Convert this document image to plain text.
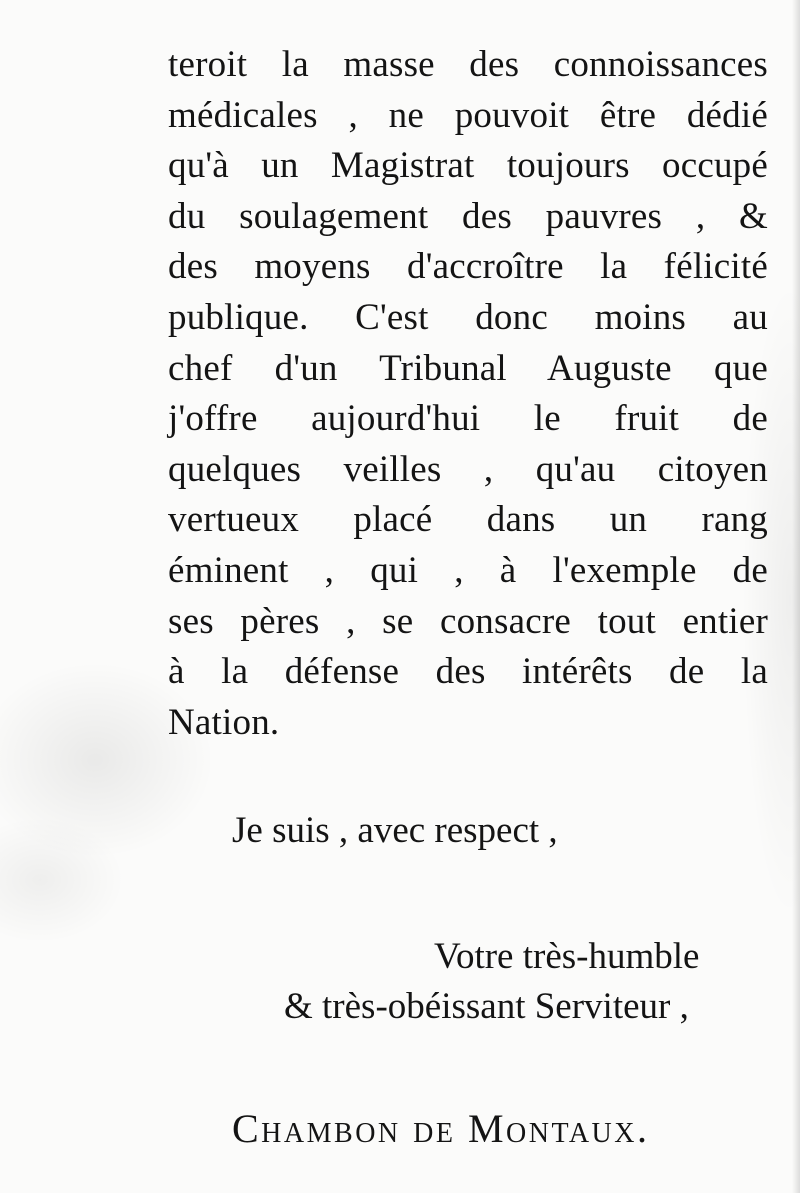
teroit la masse des connoissances
médicales , ne pouvoit être dédié
qu'à un Magistrat toujours occupé
du soulagement des pauvres , &
des moyens d'accroître la félicité
publique. C'est donc moins au
chef d'un Tribunal Auguste que
j'offre aujourd'hui le fruit de
quelques veilles , qu'au citoyen
vertueux placé dans un rang
éminent , qui , à l'exemple de
ses pères , se consacre tout entier
à la défense des intérêts de la
Nation.
Je suis , avec respect ,
Votre très-humble
& très-obéissant Serviteur ,
Chambon de Montaux.
